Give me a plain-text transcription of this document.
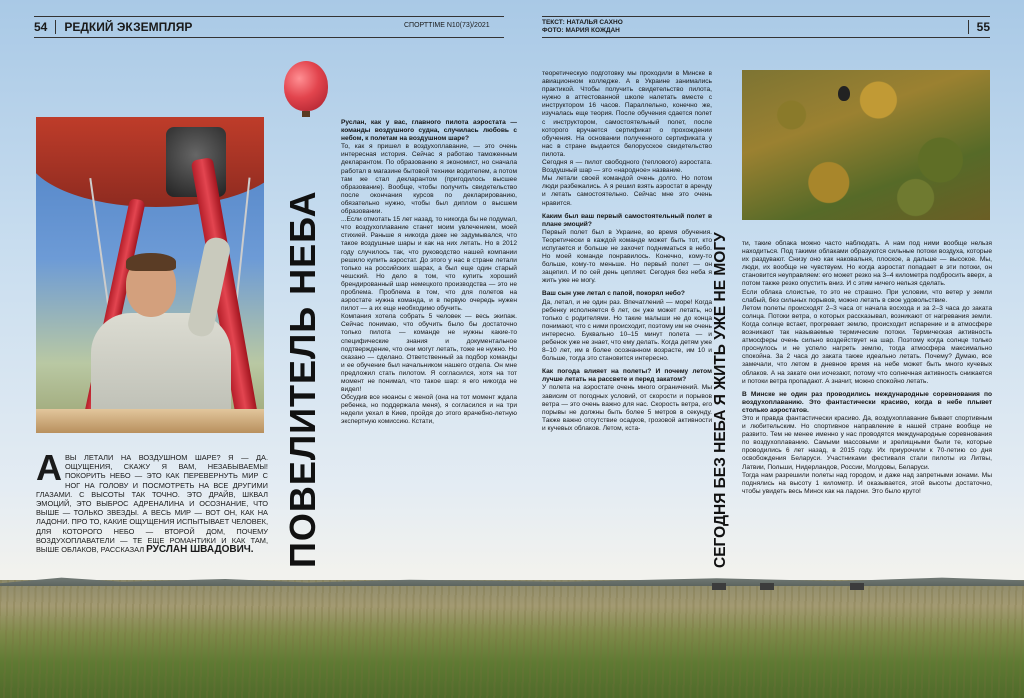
54	РЕДКИЙ ЭКЗЕМПЛЯР	СПОРТТIME N10(73)/2021	ТЕКСТ: НАТАЛЬЯ САХНО
ФОТО: МАРИЯ КОЖДАН	55
ПОВЕЛИТЕЛЬ НЕБА	СЕГОДНЯ БЕЗ НЕБА Я ЖИТЬ УЖЕ НЕ МОГУ
А ВЫ ЛЕТАЛИ НА ВОЗДУШНОМ ШАРЕ? Я — ДА. ОЩУЩЕНИЯ, СКАЖУ Я ВАМ, НЕЗАБЫВАЕМЫ! ПОКОРИТЬ НЕБО — ЭТО КАК ПЕРЕВЕРНУТЬ МИР С НОГ НА ГОЛОВУ И ПОСМОТРЕТЬ НА ВСЕ ДРУГИМИ ГЛАЗАМИ. С ВЫСОТЫ ТАК ТОЧНО. ЭТО ДРАЙВ, ШКВАЛ ЭМОЦИЙ, ЭТО ВЫБРОС АДРЕНАЛИНА И ОСОЗНАНИЕ, ЧТО ВЫШЕ — ТОЛЬКО ЗВЕЗДЫ. А ВЕСЬ МИР — ВОТ ОН, КАК НА ЛАДОНИ. ПРО ТО, КАКИЕ ОЩУЩЕНИЯ ИСПЫТЫВАЕТ ЧЕЛОВЕК, ДЛЯ КОТОРОГО НЕБО — ВТОРОЙ ДОМ, ПОЧЕМУ ВОЗДУХОПЛАВАТЕЛИ — ТЕ ЕЩЕ РОМАНТИКИ И КАК ТАМ, ВЫШЕ ОБЛАКОВ, РАССКАЗАЛ РУСЛАН ШВАДОВИЧ.

Руслан, как у вас, главного пилота аэростата — команды воздушного судна, случилась любовь с небом, к полетам на воздушном шаре?

То, как я пришел в воздухоплавание, — это очень интересная история. Сейчас я работаю таможенным декларантом. По образованию я экономист, но сначала работал в магазине бытовой техники водителем, а потом там же стал декларантом (пригодилось высшее образование). Вообще, чтобы получить свидетельство после окончания курсов по декларированию, обязательно нужно, чтобы был диплом о высшем образовании.

...Если отмотать 15 лет назад, то никогда бы не подумал, что воздухоплавание станет моим увлечением, моей стихией. Раньше я никогда даже не задумывался, что такое воздушные шары и как на них летать. Но в 2012 году случилось так, что руководство нашей компании решило купить аэростат. До этого у нас в стране летали только на российских шарах, а был еще один старый чешский. Но дело в том, что купить хороший брендированный шар немецкого производства — это не проблема. Проблема в том, что для полетов на аэростате нужна команда, и в первую очередь нужен пилот — а их еще необходимо обучить.

Компания хотела собрать 5 человек — весь экипаж. Сейчас понимаю, что обучить было бы достаточно только пилота — команде не нужны какие-то специфические знания и документальное подтверждение, что они могут летать, тоже не нужно. Но сказано — сделано. Ответственный за подбор команды и ее обучение был начальником нашего отдела. Он мне предложил стать пилотом. Я согласился, хотя на тот момент не понимал, что такое шар: я его никогда не видел!

Обсудив все нюансы с женой (она на тот момент ждала ребенка, но поддержала меня), я согласился и на три недели уехал в Киев, пройдя до этого врачебно-летную экспертную комиссию. Кстати,

теоретическую подготовку мы проходили в Минске в авиационном колледже. А в Украине занимались практикой. Чтобы получить свидетельство пилота, нужно в аттестованной школе налетать вместе с инструктором 16 часов. Параллельно, конечно же, изучалась еще теория. После обучения сдается полет с инструктором, самостоятельный полет, после которого вручается сертификат о прохождении обучения. На основании полученного сертификата у нас в стране выдается белорусское свидетельство пилота.

Сегодня я — пилот свободного (теплового) аэростата. Воздушный шар — это «народное» название.

Мы летали своей командой очень долго. Но потом люди разбежались. А я решил взять аэростат в аренду и летать самостоятельно. Сейчас мне это очень нравится.

Каким был ваш первый самостоятельный полет в плане эмоций?

Первый полет был в Украине, во время обучения. Теоретически в каждой команде может быть тот, кто испугается и больше не захочет подниматься в небо. Но моей команде понравилось. Конечно, кому-то больше, кому-то меньше. Но первый полет — он зацепил. И по сей день цепляет. Сегодня без неба я жить уже не могу.

Ваш сын уже летал с папой, покорял небо?

Да, летал, и не один раз. Впечатлений — море! Когда ребенку исполняется 6 лет, он уже может летать, но только с родителями. Но такие малыши не до конца понимают, что с ними происходит, поэтому им не очень интересно. Буквально 10–15 минут полета — и ребенок уже не знает, что ему делать. Когда детям уже 8–10 лет, им в более осознанном возрасте, им 10 и больше, тогда это становится интересно.

Как погода влияет на полеты? И почему летом лучше летать на рассвете и перед закатом?

У полета на аэростате очень много ограничений. Мы зависим от погодных условий, от скорости и порывов ветра — это очень важно для нас. Скорость ветра, его порывы не должны быть более 5 метров в секунду. Также важно отсутствие осадков, грозовой активности и кучевых облаков. Летом, кста-

ти, такие облака можно часто наблюдать. А нам под ними вообще нельзя находиться. Под такими облаками образуются сильные потоки воздуха, которые их раздувают. Снизу оно как наковальня, плоское, а дальше — высокое. Мы, люди, их вообще не чувствуем. Но когда аэростат попадает в эти потоки, он становится неуправляем: его может резко на 3–4 километра подбросить вверх, а потом также резко опустить вниз. И с этим ничего нельзя сделать.

Если облака слоистые, то это не страшно. При условии, что ветер у земли слабый, без сильных порывов, можно летать в свое удовольствие.

Летом полеты происходят 2–3 часа от начала восхода и за 2–3 часа до заката солнца. Потоки ветра, о которых рассказывал, возникают от нагревания земли. Когда солнце встает, прогревает землю, происходит испарение и в атмосфере возникают так называемые термические потоки. Термическая активность атмосферы очень сильно воздействует на шар. Поэтому когда солнце только проснулось и не успело нагреть землю, тогда атмосфера максимально спокойна. За 2 часа до заката также идеально летать. Почему? Думаю, все замечали, что летом в дневное время на небе может быть много кучевых облаков. А на закате они исчезают, потому что солнечная активность снижается и потоки ветра пропадают. А значит, можно спокойно летать.

В Минске не один раз проводились международные соревнования по воздухоплаванию. Это фантастически красиво, когда в небе плывет столько аэростатов.

Это и правда фантастически красиво. Да, воздухоплавание бывает спортивным и любительским. Но спортивное направление в нашей стране вообще не развито. Тем не менее именно у нас проводятся международные соревнования по воздухоплаванию. Самыми массовыми и зрелищными были те, которые проводились 6 лет назад, в 2015 году. Их приурочили к 70-летию со дня освобождения Беларуси. Участниками фестиваля стали пилоты из Литвы, Латвии, Польши, Нидерландов, России, Молдовы, Беларуси.

Тогда нам разрешили полеты над городом, и даже над запретными зонами. Мы поднялись на высоту 1 километр. И оказывается, этой высоты достаточно, чтобы увидеть весь Минск как на ладони. Это было круто!
